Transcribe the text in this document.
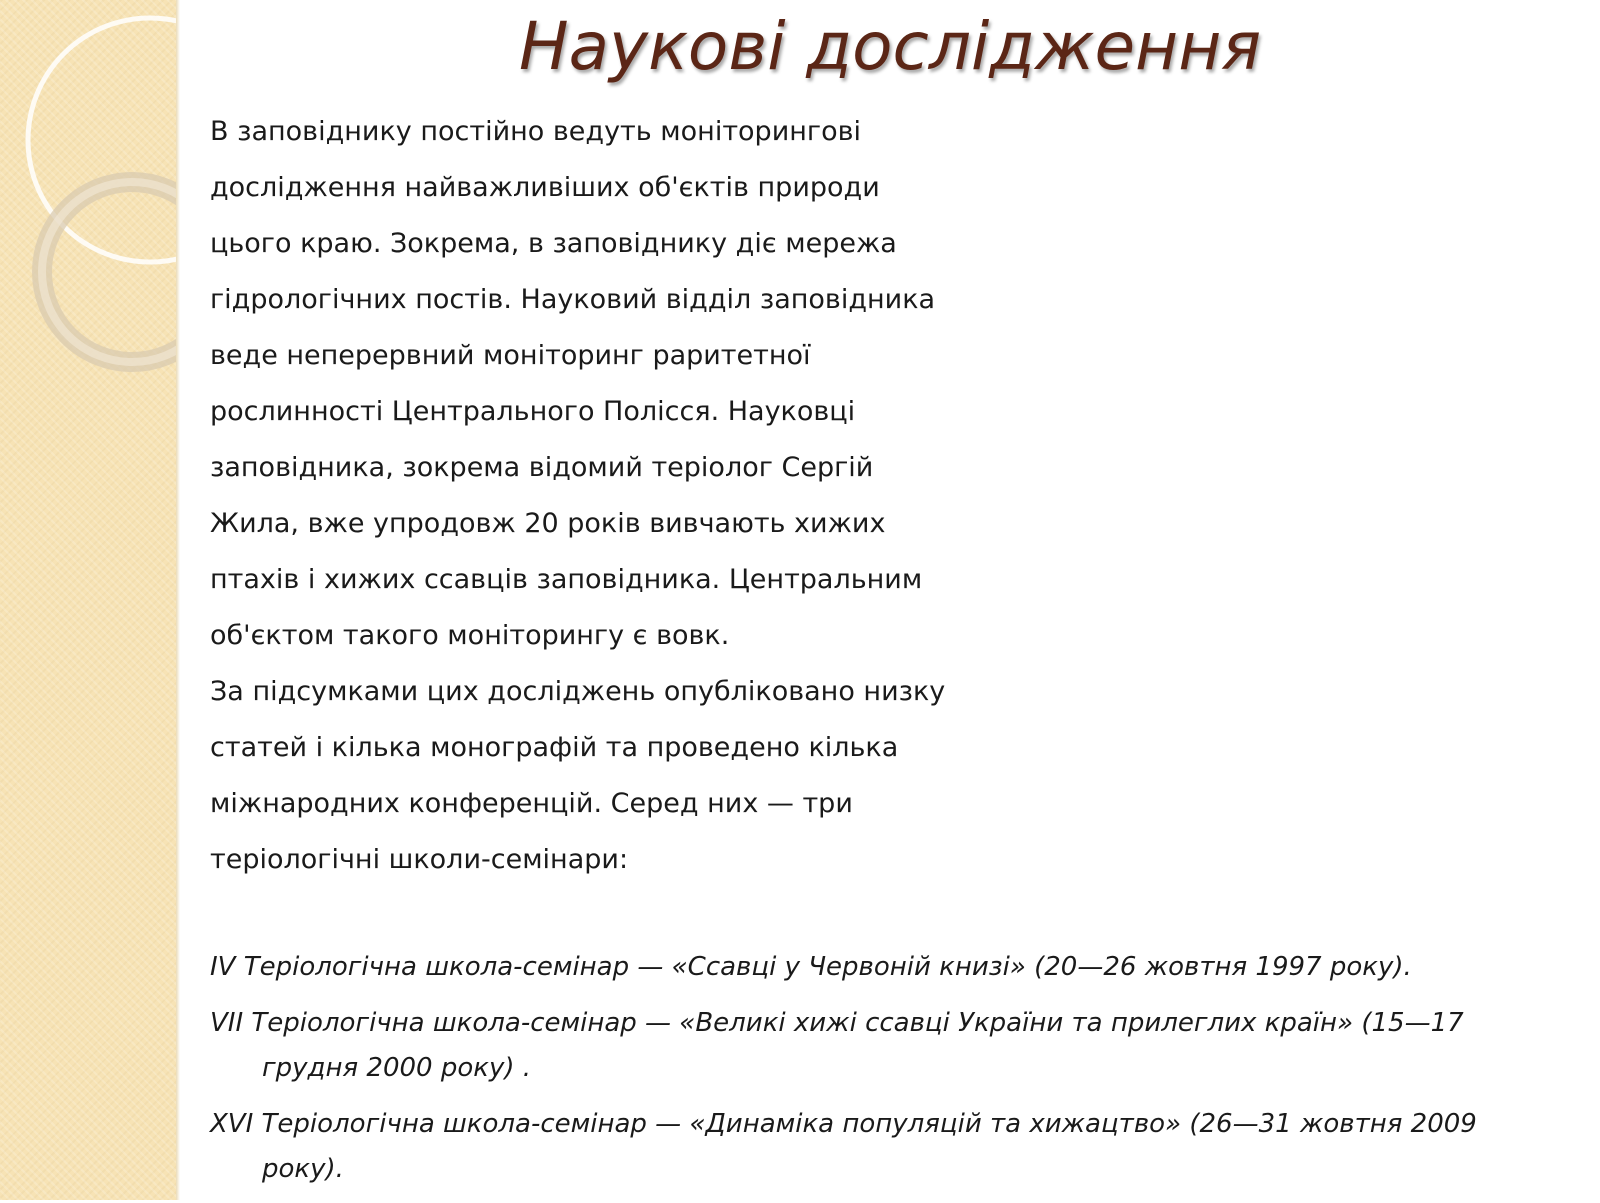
Наукові дослідження

В заповіднику постійно ведуть моніторингові

дослідження найважливіших об'єктів природи

цього краю. Зокрема, в заповіднику діє мережа

гідрологічних постів. Науковий відділ заповідника

веде неперервний моніторинг раритетної

рослинності Центрального Полісся. Науковці

заповідника, зокрема відомий теріолог Сергій

Жила, вже упродовж 20 років вивчають хижих

птахів і хижих ссавців заповідника. Центральним

об'єктом такого моніторингу є вовк.

За підсумками цих досліджень опубліковано низку

статей і кілька монографій та проведено кілька

міжнародних конференцій. Серед них — три

теріологічні школи-семінари:

IV Теріологічна школа-семінар — «Ссавці у Червоній книзі» (20—26 жовтня 1997 року).
VII Теріологічна школа-семінар — «Великі хижі ссавці України та прилеглих країн» (15—17 грудня 2000 року) .
XVI Теріологічна школа-семінар — «Динаміка популяцій та хижацтво» (26—31 жовтня 2009 року).
